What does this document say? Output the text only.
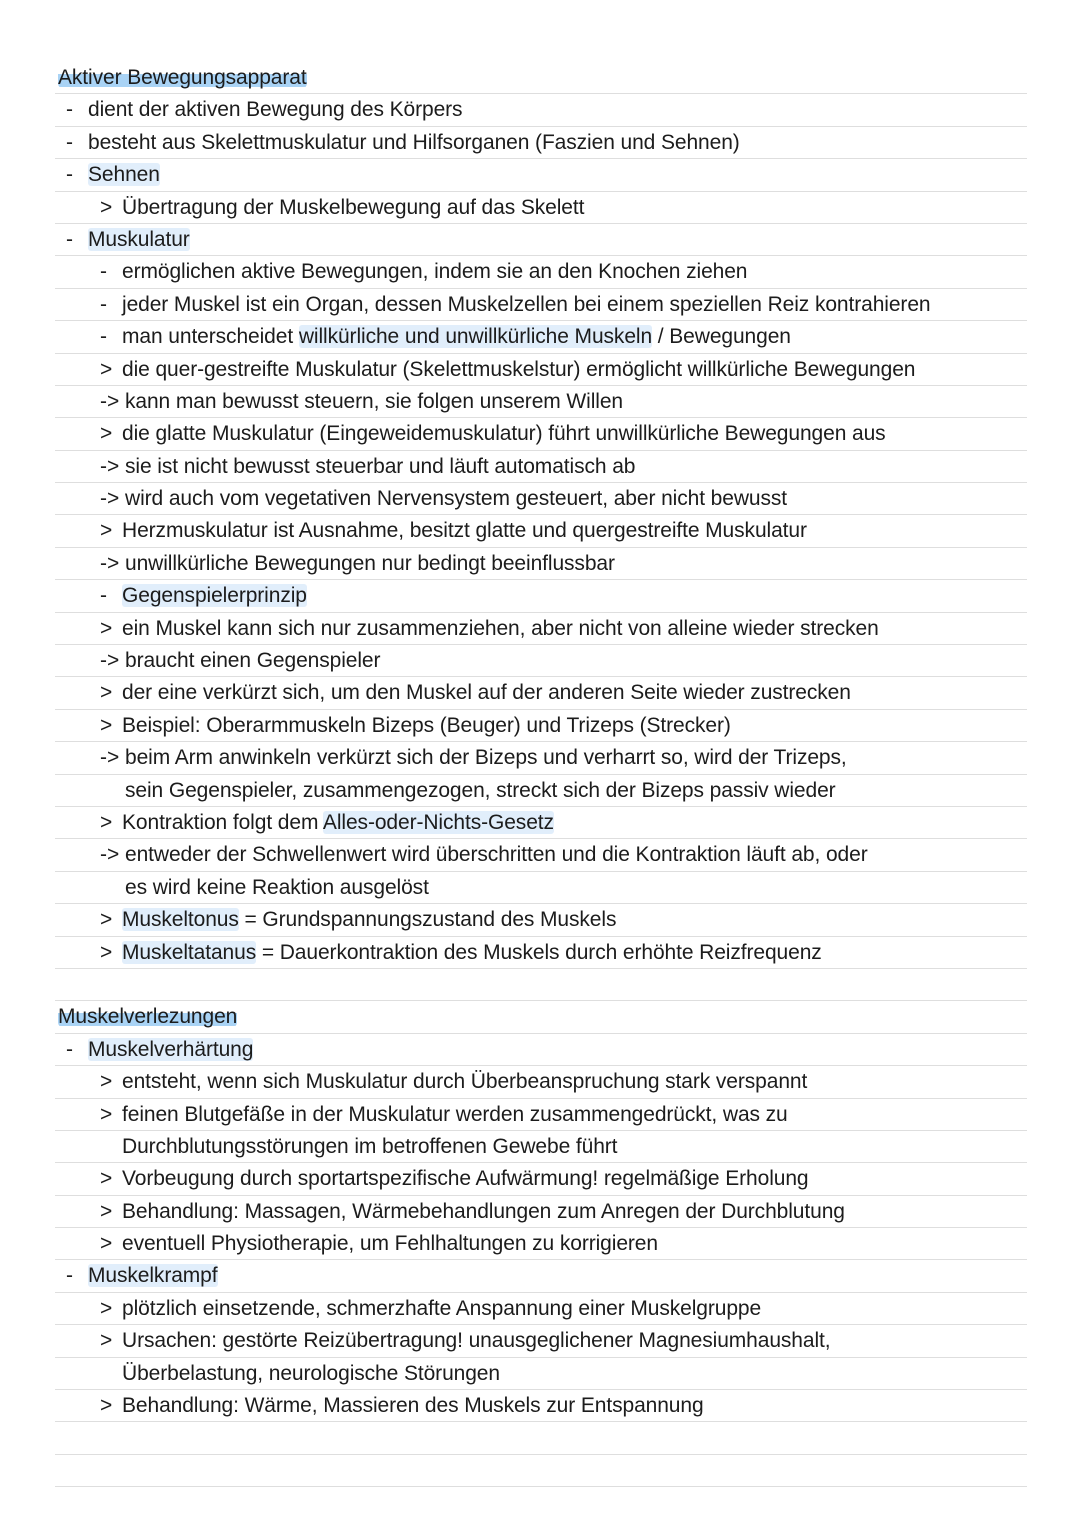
Aktiver Bewegungsapparat
- dient der aktiven Bewegung des Körpers
- besteht aus Skelettmuskulatur und Hilfsorganen (Faszien und Sehnen)
- Sehnen
> Übertragung der Muskelbewegung auf das Skelett
- Muskulatur
- ermöglichen aktive Bewegungen, indem sie an den Knochen ziehen
- jeder Muskel ist ein Organ, dessen Muskelzellen bei einem speziellen Reiz kontrahieren
- man unterscheidet willkürliche und unwillkürliche Muskeln / Bewegungen
> die quer-gestreifte Muskulatur (Skelettmuskelstur) ermöglicht willkürliche Bewegungen
-> kann man bewusst steuern, sie folgen unserem Willen
> die glatte Muskulatur (Eingeweidemuskulatur) führt unwillkürliche Bewegungen aus
-> sie ist nicht bewusst steuerbar und läuft automatisch ab
-> wird auch vom vegetativen Nervensystem gesteuert, aber nicht bewusst
> Herzmuskulatur ist Ausnahme, besitzt glatte und quergestreifte Muskulatur
-> unwillkürliche Bewegungen nur bedingt beeinflussbar
- Gegenspielerprinzip
> ein Muskel kann sich nur zusammenziehen, aber nicht von alleine wieder strecken
-> braucht einen Gegenspieler
> der eine verkürzt sich, um den Muskel auf der anderen Seite wieder zustrecken
> Beispiel: Oberarmmuskeln Bizeps (Beuger) und Trizeps (Strecker)
-> beim Arm anwinkeln verkürzt sich der Bizeps und verharrt so, wird der Trizeps,
sein Gegenspieler, zusammengezogen, streckt sich der Bizeps passiv wieder
> Kontraktion folgt dem Alles-oder-Nichts-Gesetz
-> entweder der Schwellenwert wird überschritten und die Kontraktion läuft ab, oder
es wird keine Reaktion ausgelöst
> Muskeltonus = Grundspannungszustand des Muskels
> Muskeltatanus = Dauerkontraktion des Muskels durch erhöhte Reizfrequenz
Muskelverlezungen
- Muskelverhärtung
> entsteht, wenn sich Muskulatur durch Überbeanspruchung stark verspannt
> feinen Blutgefäße in der Muskulatur werden zusammengedrückt, was zu
Durchblutungsstörungen im betroffenen Gewebe führt
> Vorbeugung durch sportartspezifische Aufwärmung! regelmäßige Erholung
> Behandlung: Massagen, Wärmebehandlungen zum Anregen der Durchblutung
> eventuell Physiotherapie, um Fehlhaltungen zu korrigieren
- Muskelkrampf
> plötzlich einsetzende, schmerzhafte Anspannung einer Muskelgruppe
> Ursachen: gestörte Reizübertragung! unausgeglichener Magnesiumhaushalt,
Überbelastung, neurologische Störungen
> Behandlung: Wärme, Massieren des Muskels zur Entspannung
